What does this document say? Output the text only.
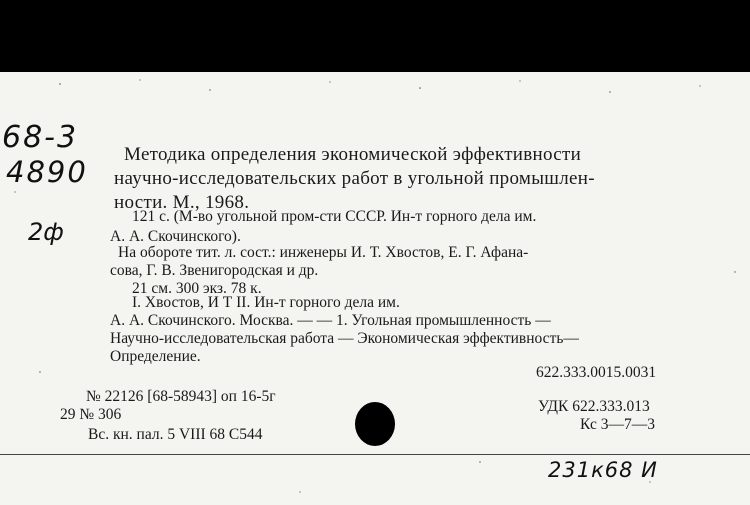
68-3
4890
2ф
Методика определения экономической эффективности
научно-исследовательских работ в угольной промышлен-
ности. М., 1968.
121 с. (М-во угольной пром-сти СССР. Ин-т горного дела им.
А. А. Скочинского).
На обороте тит. л. сост.: инженеры И. Т. Хвостов, Е. Г. Афана-
сова, Г. В. Звенигородская и др.
21 см. 300 экз. 78 к.
I. Хвостов, И Т II. Ин-т горного дела им.
А. А. Скочинского. Москва. — — 1. Угольная промышленность —
Научно-исследовательская работа — Экономическая эффективность—
Определение.
622.333.0015.0031
№ 22126 [68-58943] оп 16-5г
29 № 306
Вс. кн. пал. 5 VIII 68 С544
УДК 622.333.013
Кс 3—7—3
231к68 И
